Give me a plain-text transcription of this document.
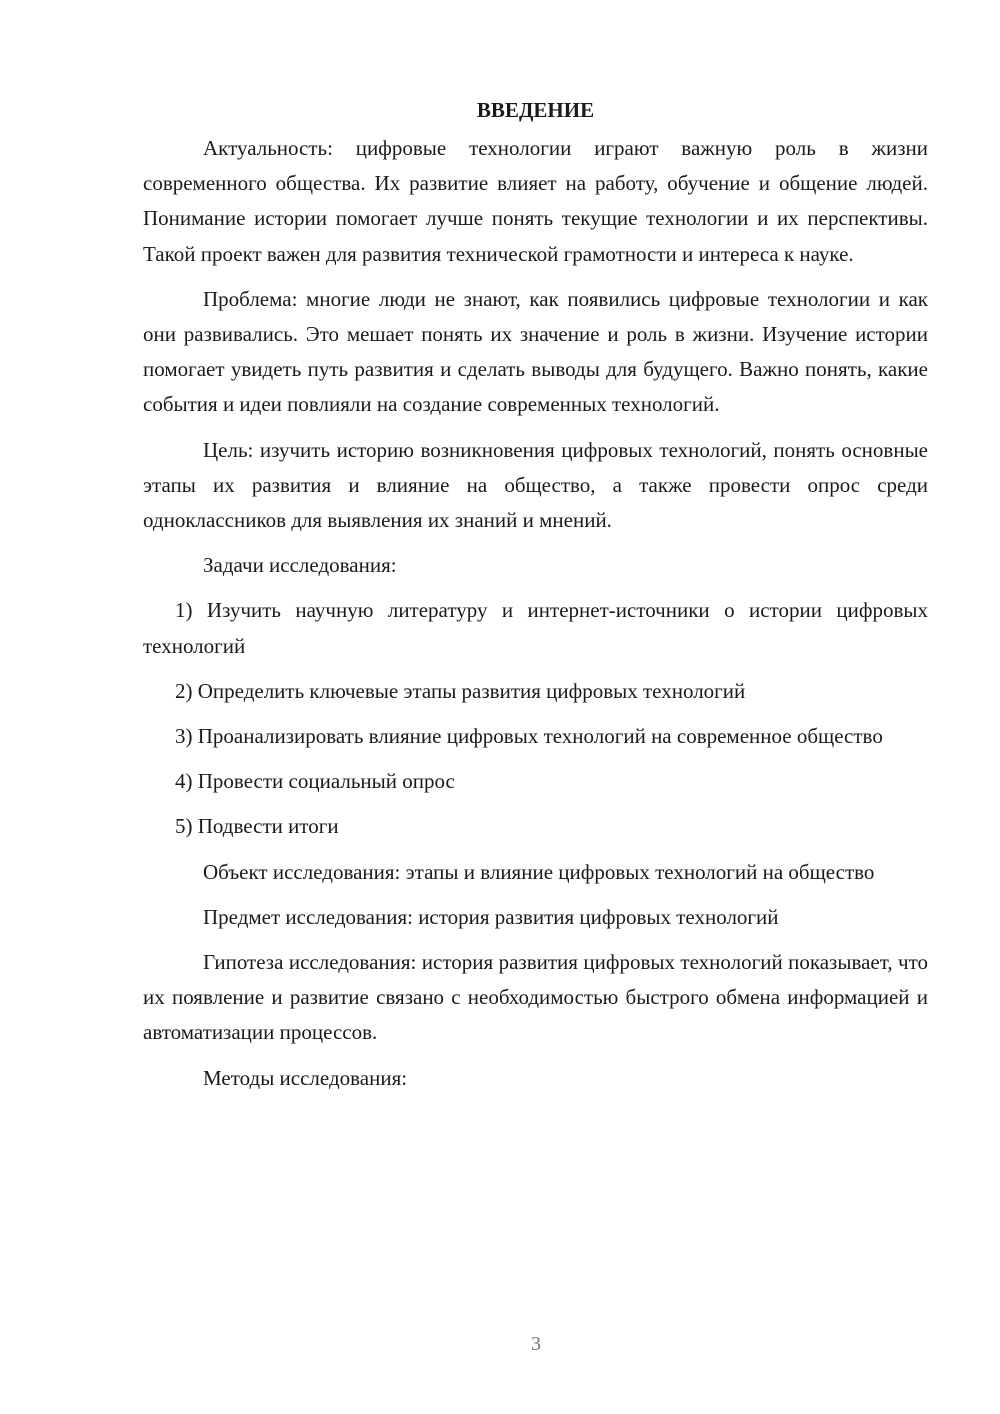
ВВЕДЕНИЕ

Актуальность: цифровые технологии играют важную роль в жизни современного общества. Их развитие влияет на работу, обучение и общение людей. Понимание истории помогает лучше понять текущие технологии и их перспективы. Такой проект важен для развития технической грамотности и интереса к науке.

Проблема: многие люди не знают, как появились цифровые технологии и как они развивались. Это мешает понять их значение и роль в жизни. Изучение истории помогает увидеть путь развития и сделать выводы для будущего. Важно понять, какие события и идеи повлияли на создание современных технологий.

Цель: изучить историю возникновения цифровых технологий, понять основные этапы их развития и влияние на общество, а также провести опрос среди одноклассников для выявления их знаний и мнений.

Задачи исследования:

1) Изучить научную литературу и интернет-источники о истории цифровых технологий

2) Определить ключевые этапы развития цифровых технологий

3) Проанализировать влияние цифровых технологий на современное общество

4) Провести социальный опрос

5) Подвести итоги

Объект исследования: этапы и влияние цифровых технологий на общество

Предмет исследования: история развития цифровых технологий

Гипотеза исследования: история развития цифровых технологий показывает, что их появление и развитие связано с необходимостью быстрого обмена информацией и автоматизации процессов.

Методы исследования:

3
